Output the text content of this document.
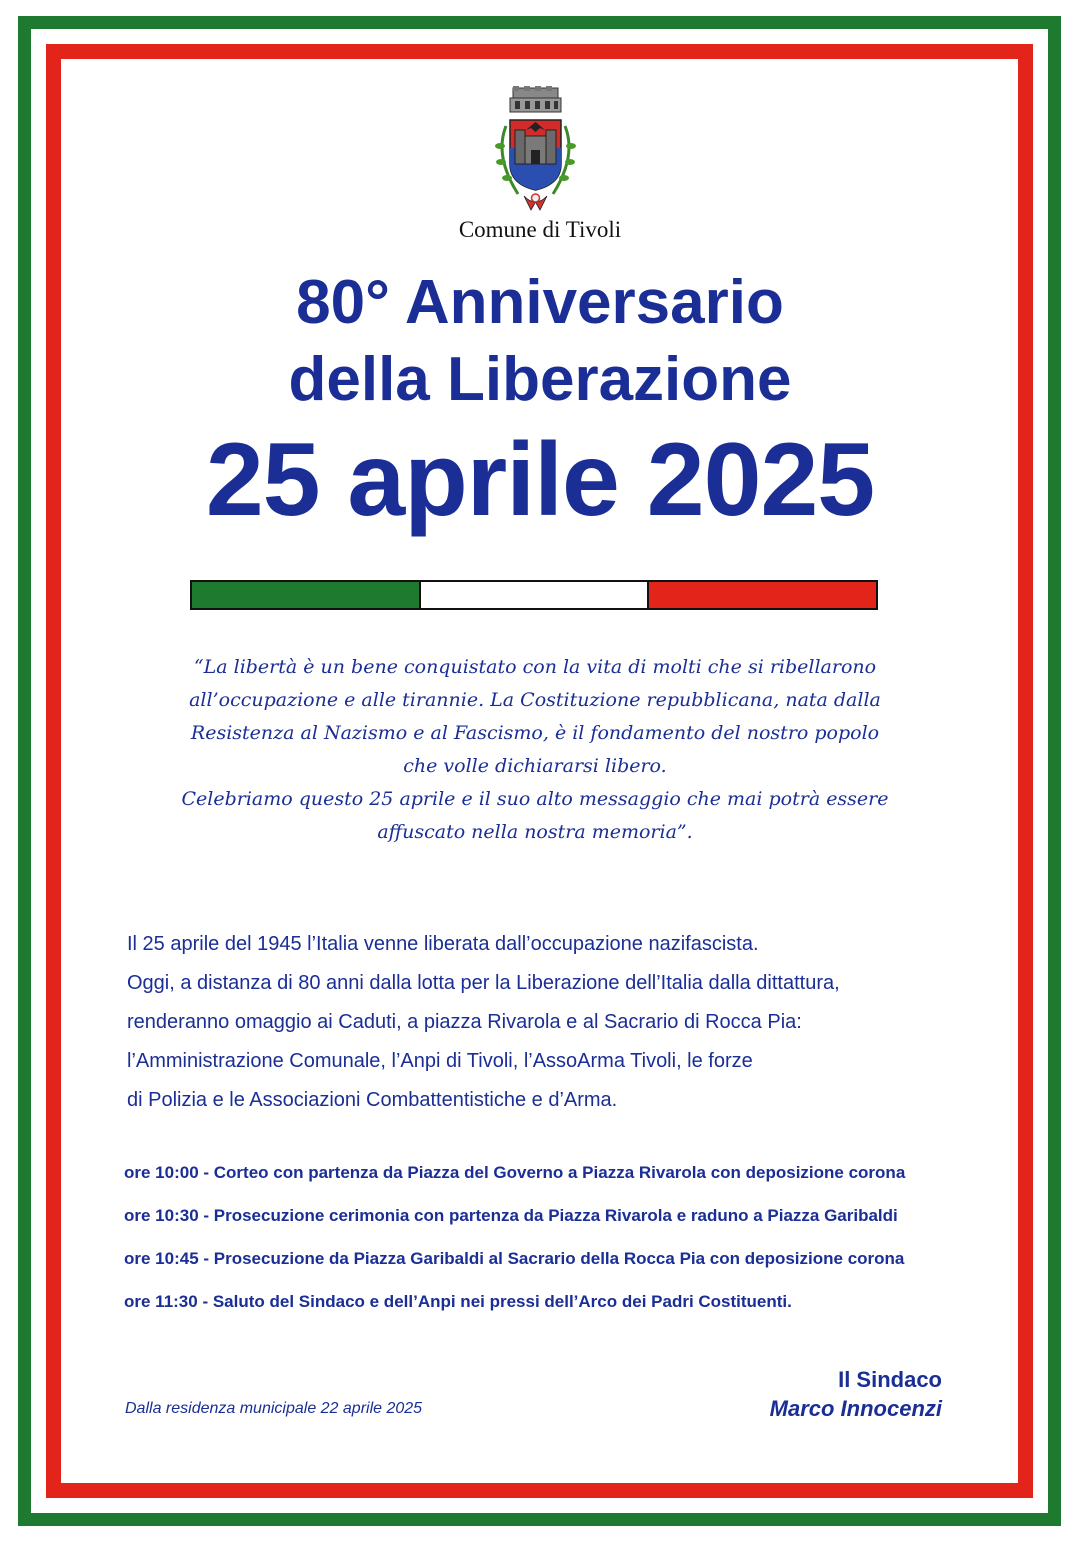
Comune di Tivoli
80° Anniversario
della Liberazione
25 aprile 2025

“La libertà è un bene conquistato con la vita di molti che si ribellarono

all’occupazione e alle tirannie. La Costituzione repubblicana, nata dalla

Resistenza al Nazismo e al Fascismo, è il fondamento del nostro popolo

che volle dichiararsi libero.

Celebriamo questo 25 aprile e il suo alto messaggio che mai potrà essere

affuscato nella nostra memoria”.

Il 25 aprile del 1945 l’Italia venne liberata dall’occupazione nazifascista.

Oggi, a distanza di 80 anni dalla lotta per la Liberazione dell’Italia dalla dittattura,

renderanno omaggio ai Caduti, a piazza Rivarola e al Sacrario di Rocca Pia:

l’Amministrazione Comunale, l’Anpi di Tivoli, l’AssoArma Tivoli, le forze

di Polizia e le Associazioni Combattentistiche e d’Arma.

ore 10:00 - Corteo con partenza da Piazza del Governo a Piazza Rivarola con deposizione corona
ore 10:30 - Prosecuzione cerimonia con partenza da Piazza Rivarola e raduno a Piazza Garibaldi
ore 10:45 - Prosecuzione da Piazza Garibaldi al Sacrario della Rocca Pia con deposizione corona
ore 11:30 - Saluto del Sindaco e dell’Anpi nei pressi dell’Arco dei Padri Costituenti.
Dalla residenza municipale 22 aprile 2025
Il Sindaco
Marco Innocenzi
